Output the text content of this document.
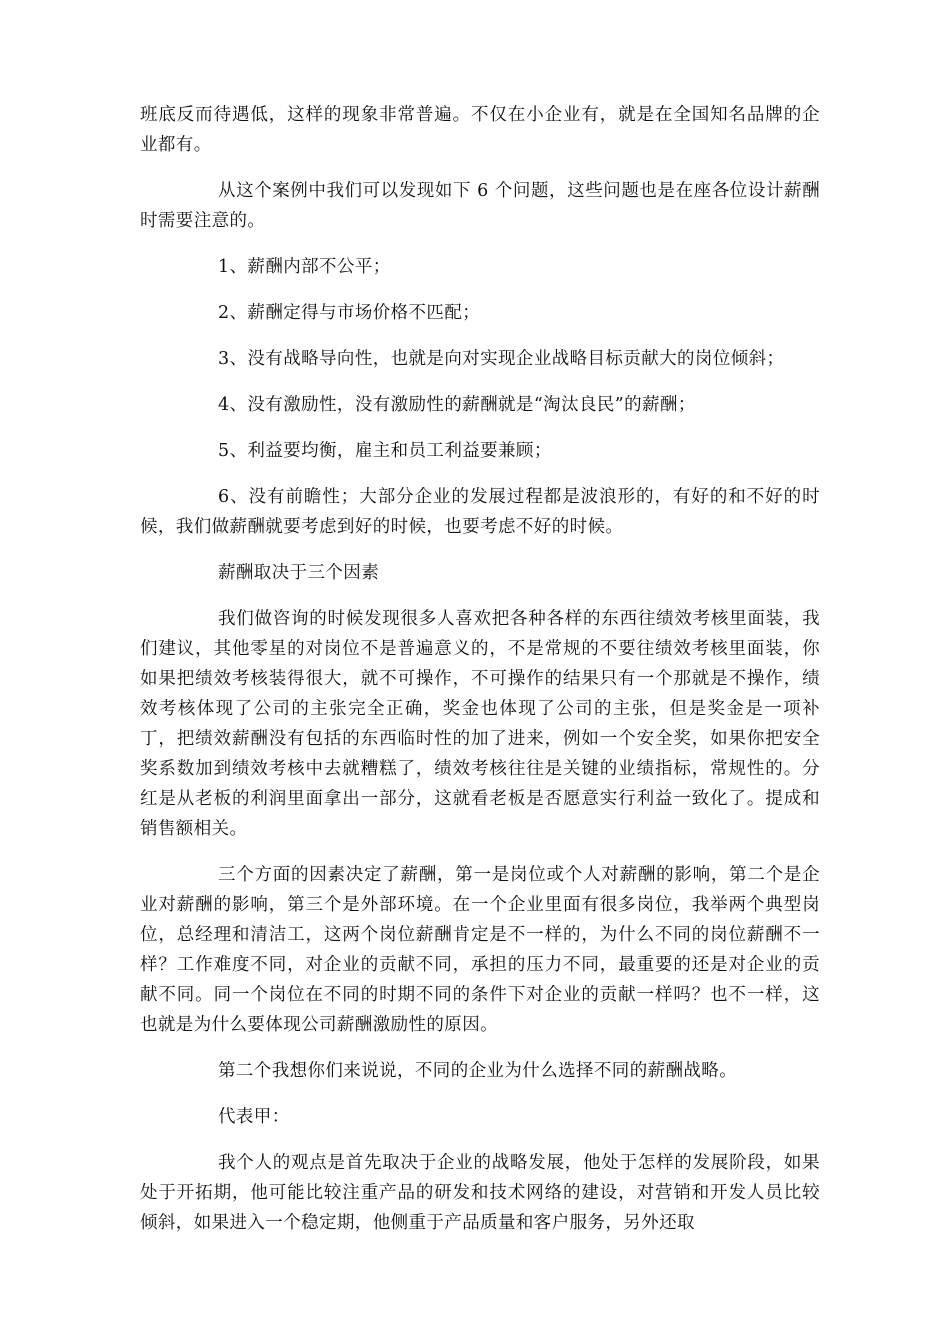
班底反而待遇低，这样的现象非常普遍。不仅在小企业有，就是在全国知名品牌的企业都有。

从这个案例中我们可以发现如下 6 个问题，这些问题也是在座各位设计薪酬时需要注意的。

1、薪酬内部不公平；

2、薪酬定得与市场价格不匹配；

3、没有战略导向性，也就是向对实现企业战略目标贡献大的岗位倾斜；

4、没有激励性，没有激励性的薪酬就是“淘汰良民”的薪酬；

5、利益要均衡，雇主和员工利益要兼顾；

6、没有前瞻性；大部分企业的发展过程都是波浪形的，有好的和不好的时候，我们做薪酬就要考虑到好的时候，也要考虑不好的时候。

薪酬取决于三个因素

我们做咨询的时候发现很多人喜欢把各种各样的东西往绩效考核里面装，我们建议，其他零星的对岗位不是普遍意义的，不是常规的不要往绩效考核里面装，你如果把绩效考核装得很大，就不可操作，不可操作的结果只有一个那就是不操作，绩效考核体现了公司的主张完全正确，奖金也体现了公司的主张，但是奖金是一项补丁，把绩效薪酬没有包括的东西临时性的加了进来，例如一个安全奖，如果你把安全奖系数加到绩效考核中去就糟糕了，绩效考核往往是关键的业绩指标，常规性的。分红是从老板的利润里面拿出一部分，这就看老板是否愿意实行利益一致化了。提成和销售额相关。

三个方面的因素决定了薪酬，第一是岗位或个人对薪酬的影响，第二个是企业对薪酬的影响，第三个是外部环境。在一个企业里面有很多岗位，我举两个典型岗位，总经理和清洁工，这两个岗位薪酬肯定是不一样的，为什么不同的岗位薪酬不一样？工作难度不同，对企业的贡献不同，承担的压力不同，最重要的还是对企业的贡献不同。同一个岗位在不同的时期不同的条件下对企业的贡献一样吗？也不一样，这也就是为什么要体现公司薪酬激励性的原因。

第二个我想你们来说说，不同的企业为什么选择不同的薪酬战略。

代表甲：

我个人的观点是首先取决于企业的战略发展，他处于怎样的发展阶段，如果处于开拓期，他可能比较注重产品的研发和技术网络的建设，对营销和开发人员比较倾斜，如果进入一个稳定期，他侧重于产品质量和客户服务，另外还取
